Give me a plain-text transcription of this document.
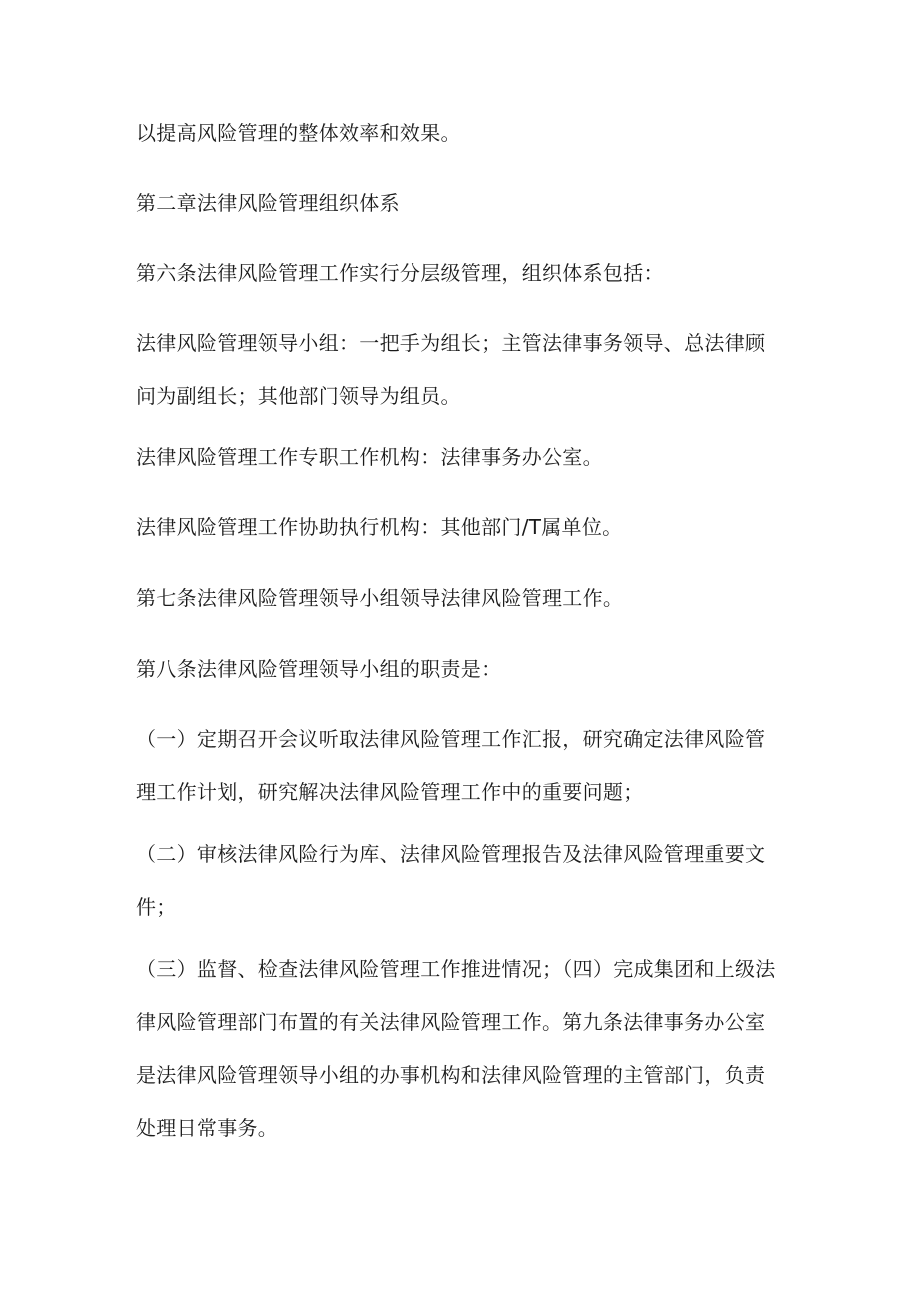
以提高风险管理的整体效率和效果。

第二章法律风险管理组织体系

第六条法律风险管理工作实行分层级管理，组织体系包括：

法律风险管理领导小组：一把手为组长；主管法律事务领导、总法律顾问为副组长；其他部门领导为组员。

法律风险管理工作专职工作机构：法律事务办公室。

法律风险管理工作协助执行机构：其他部门/T属单位。

第七条法律风险管理领导小组领导法律风险管理工作。

第八条法律风险管理领导小组的职责是：

（一）定期召开会议听取法律风险管理工作汇报，研究确定法律风险管理工作计划，研究解决法律风险管理工作中的重要问题；

（二）审核法律风险行为库、法律风险管理报告及法律风险管理重要文件；

（三）监督、检查法律风险管理工作推进情况；（四）完成集团和上级法律风险管理部门布置的有关法律风险管理工作。第九条法律事务办公室是法律风险管理领导小组的办事机构和法律风险管理的主管部门，负责处理日常事务。
